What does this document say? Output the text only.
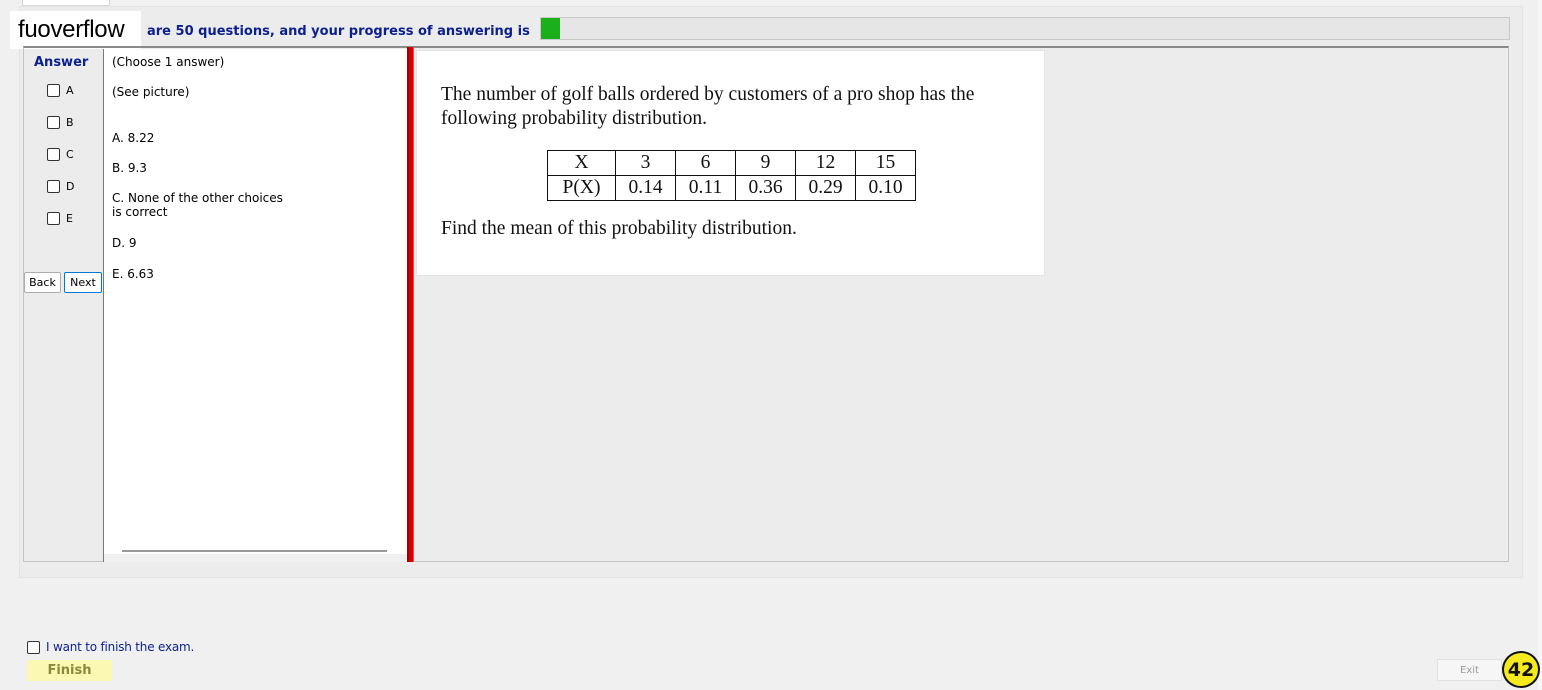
fuoverflow	are 50 questions, and your progress of answering is
Answer
A
B
C
D
E
Back	Next
(Choose 1 answer)
(See picture)
A. 8.22
B. 9.3
C. None of the other choices is correct
D. 9
E. 6.63
The number of golf balls ordered by customers of a pro shop has the following probability distribution.
X	3	6	9	12	15
P(X)	0.14	0.11	0.36	0.29	0.10
Find the mean of this probability distribution.
I want to finish the exam.
Finish	Exit	42
